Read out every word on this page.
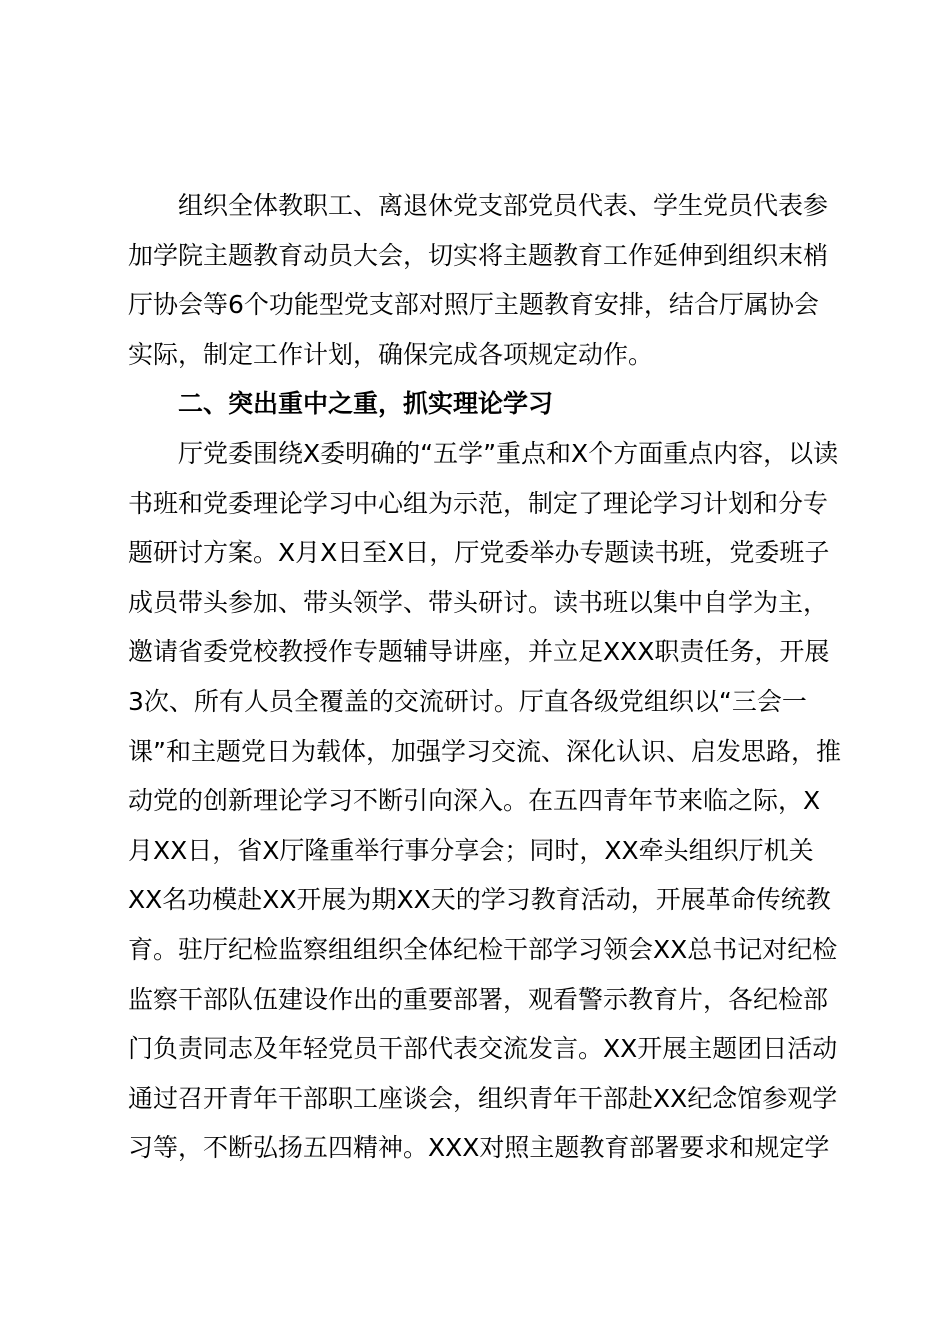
组织全体教职工、离退休党支部党员代表、学生党员代表参
加学院主题教育动员大会，切实将主题教育工作延伸到组织末梢
厅协会等6个功能型党支部对照厅主题教育安排，结合厅属协会
实际，制定工作计划，确保完成各项规定动作。
二、突出重中之重，抓实理论学习
厅党委围绕X委明确的“五学”重点和X个方面重点内容，以读
书班和党委理论学习中心组为示范，制定了理论学习计划和分专
题研讨方案。X月X日至X日，厅党委举办专题读书班，党委班子
成员带头参加、带头领学、带头研讨。读书班以集中自学为主，
邀请省委党校教授作专题辅导讲座，并立足XXX职责任务，开展
3次、所有人员全覆盖的交流研讨。厅直各级党组织以“三会一
课”和主题党日为载体，加强学习交流、深化认识、启发思路，推
动党的创新理论学习不断引向深入。在五四青年节来临之际，X
月XX日，省X厅隆重举行事分享会；同时，XX牵头组织厅机关
XX名功模赴XX开展为期XX天的学习教育活动，开展革命传统教
育。驻厅纪检监察组组织全体纪检干部学习领会XX总书记对纪检
监察干部队伍建设作出的重要部署，观看警示教育片，各纪检部
门负责同志及年轻党员干部代表交流发言。XX开展主题团日活动
通过召开青年干部职工座谈会，组织青年干部赴XX纪念馆参观学
习等，不断弘扬五四精神。XXX对照主题教育部署要求和规定学
